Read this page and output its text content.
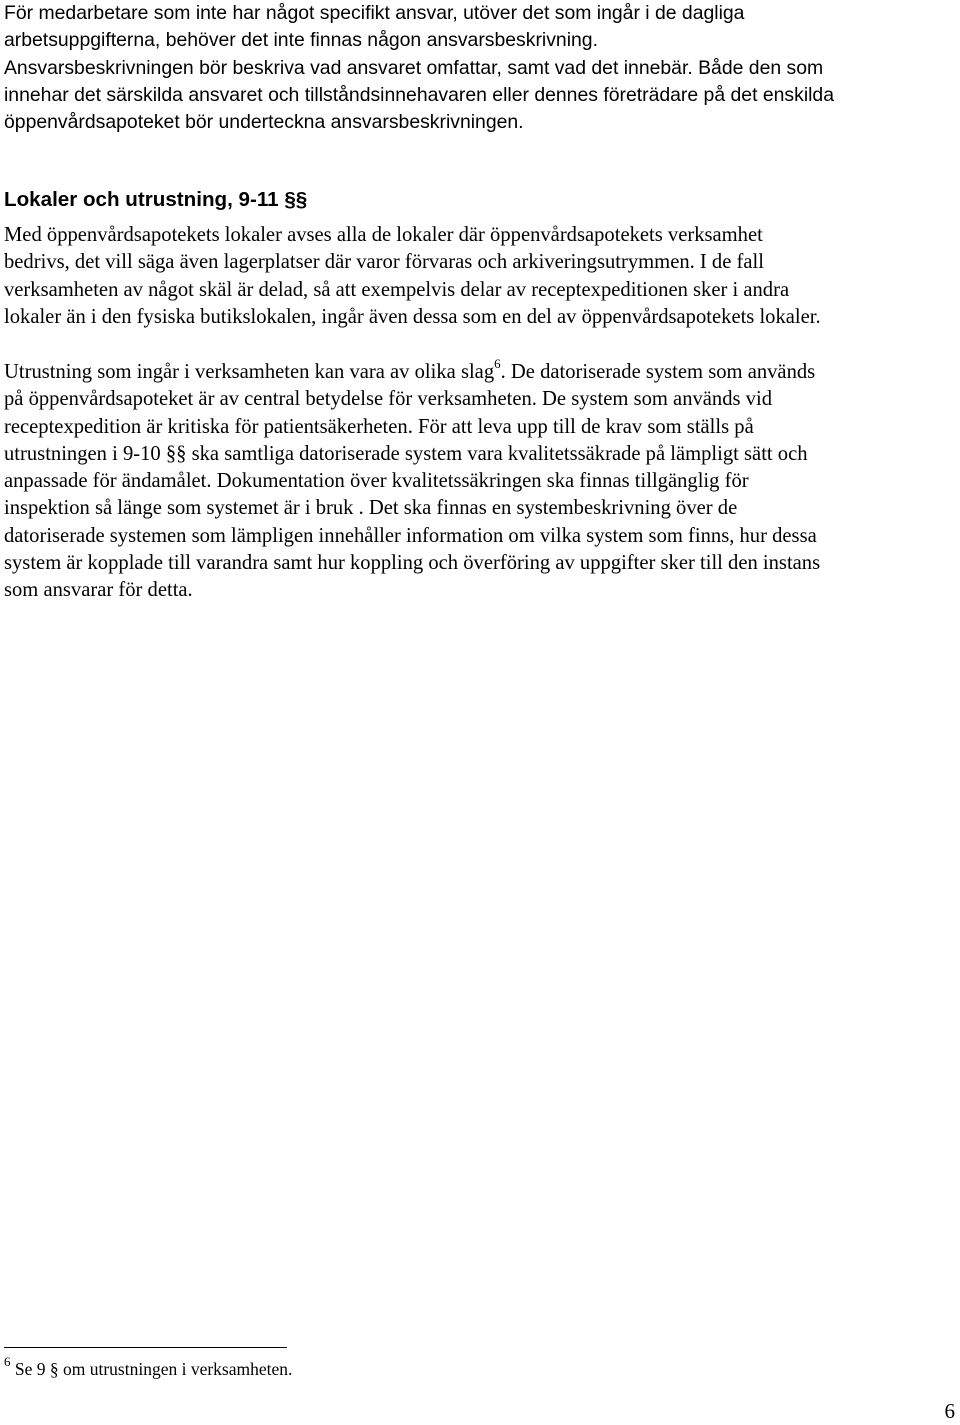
För medarbetare som inte har något specifikt ansvar, utöver det som ingår i de dagliga
arbetsuppgifterna, behöver det inte finnas någon ansvarsbeskrivning.
Ansvarsbeskrivningen bör beskriva vad ansvaret omfattar, samt vad det innebär. Både den som
innehar det särskilda ansvaret och tillståndsinnehavaren eller dennes företrädare på det enskilda
öppenvårdsapoteket bör underteckna ansvarsbeskrivningen.

Lokaler och utrustning, 9-11 §§

Med öppenvårdsapotekets lokaler avses alla de lokaler där öppenvårdsapotekets verksamhet
bedrivs, det vill säga även lagerplatser där varor förvaras och arkiveringsutrymmen. I de fall
verksamheten av något skäl är delad, så att exempelvis delar av receptexpeditionen sker i andra
lokaler än i den fysiska butikslokalen, ingår även dessa som en del av öppenvårdsapotekets lokaler.

Utrustning som ingår i verksamheten kan vara av olika slag$^6$. De datoriserade system som används
på öppenvårdsapoteket är av central betydelse för verksamheten. De system som används vid
receptexpedition är kritiska för patientsäkerheten. För att leva upp till de krav som ställs på
utrustningen i 9-10 §§ ska samtliga datoriserade system vara kvalitetssäkrade på lämpligt sätt och
anpassade för ändamålet. Dokumentation över kvalitetssäkringen ska finnas tillgänglig för
inspektion så länge som systemet är i bruk . Det ska finnas en systembeskrivning över de
datoriserade systemen som lämpligen innehåller information om vilka system som finns, hur dessa
system är kopplade till varandra samt hur koppling och överföring av uppgifter sker till den instans
som ansvarar för detta.

$^6$ Se 9 § om utrustningen i verksamheten.
6
